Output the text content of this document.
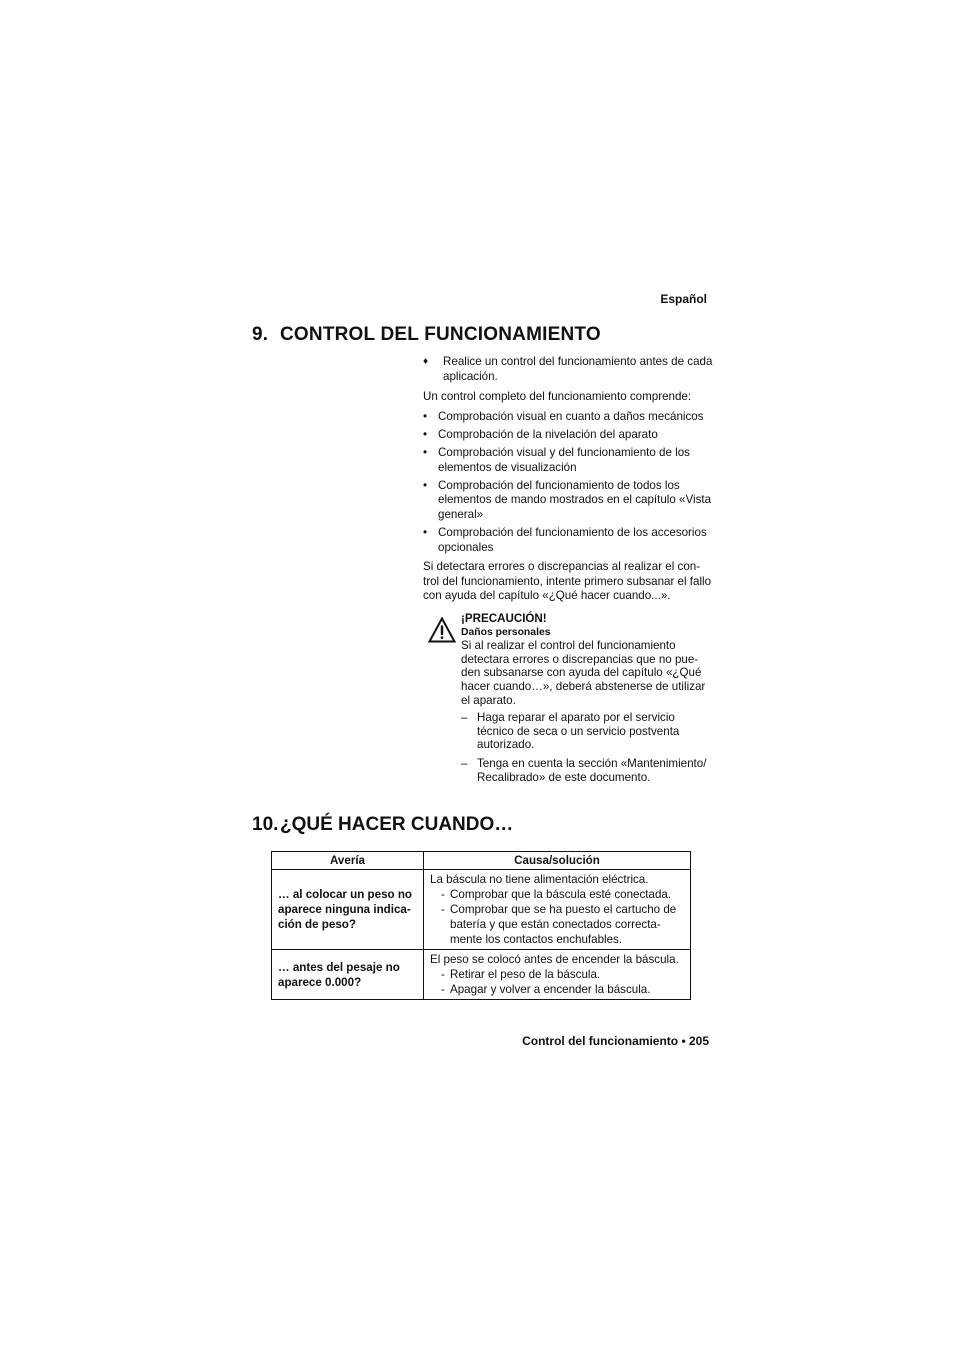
Español
9. CONTROL DEL FUNCIONAMIENTO
♦ Realice un control del funcionamiento antes de cada aplicación.
Un control completo del funcionamiento comprende:
• Comprobación visual en cuanto a daños mecánicos
• Comprobación de la nivelación del aparato
• Comprobación visual y del funcionamiento de los elementos de visualización
• Comprobación del funcionamiento de todos los elementos de mando mostrados en el capítulo «Vista general»
• Comprobación del funcionamiento de los accesorios opcionales
Si detectara errores o discrepancias al realizar el con-trol del funcionamiento, intente primero subsanar el fallo con ayuda del capítulo «¿Qué hacer cuando...».
¡PRECAUCIÓN!
Daños personales
Si al realizar el control del funcionamiento detectara errores o discrepancias que no pue-den subsanarse con ayuda del capítulo «¿Qué hacer cuando…», deberá abstenerse de utilizar el aparato.
– Haga reparar el aparato por el servicio técnico de seca o un servicio postventa autorizado.
– Tenga en cuenta la sección «Mantenimiento/ Recalibrado» de este documento.
10.¿QUÉ HACER CUANDO…
Avería	Causa/solución
… al colocar un peso no aparece ninguna indica-ción de peso?	La báscula no tiene alimentación eléctrica.
- Comprobar que la báscula esté conectada.
- Comprobar que se ha puesto el cartucho de batería y que están conectados correcta-mente los contactos enchufables.

… antes del pesaje no aparece 0.000?	El peso se colocó antes de encender la báscula.
- Retirar el peso de la báscula.
- Apagar y volver a encender la báscula.
Control del funcionamiento • 205
